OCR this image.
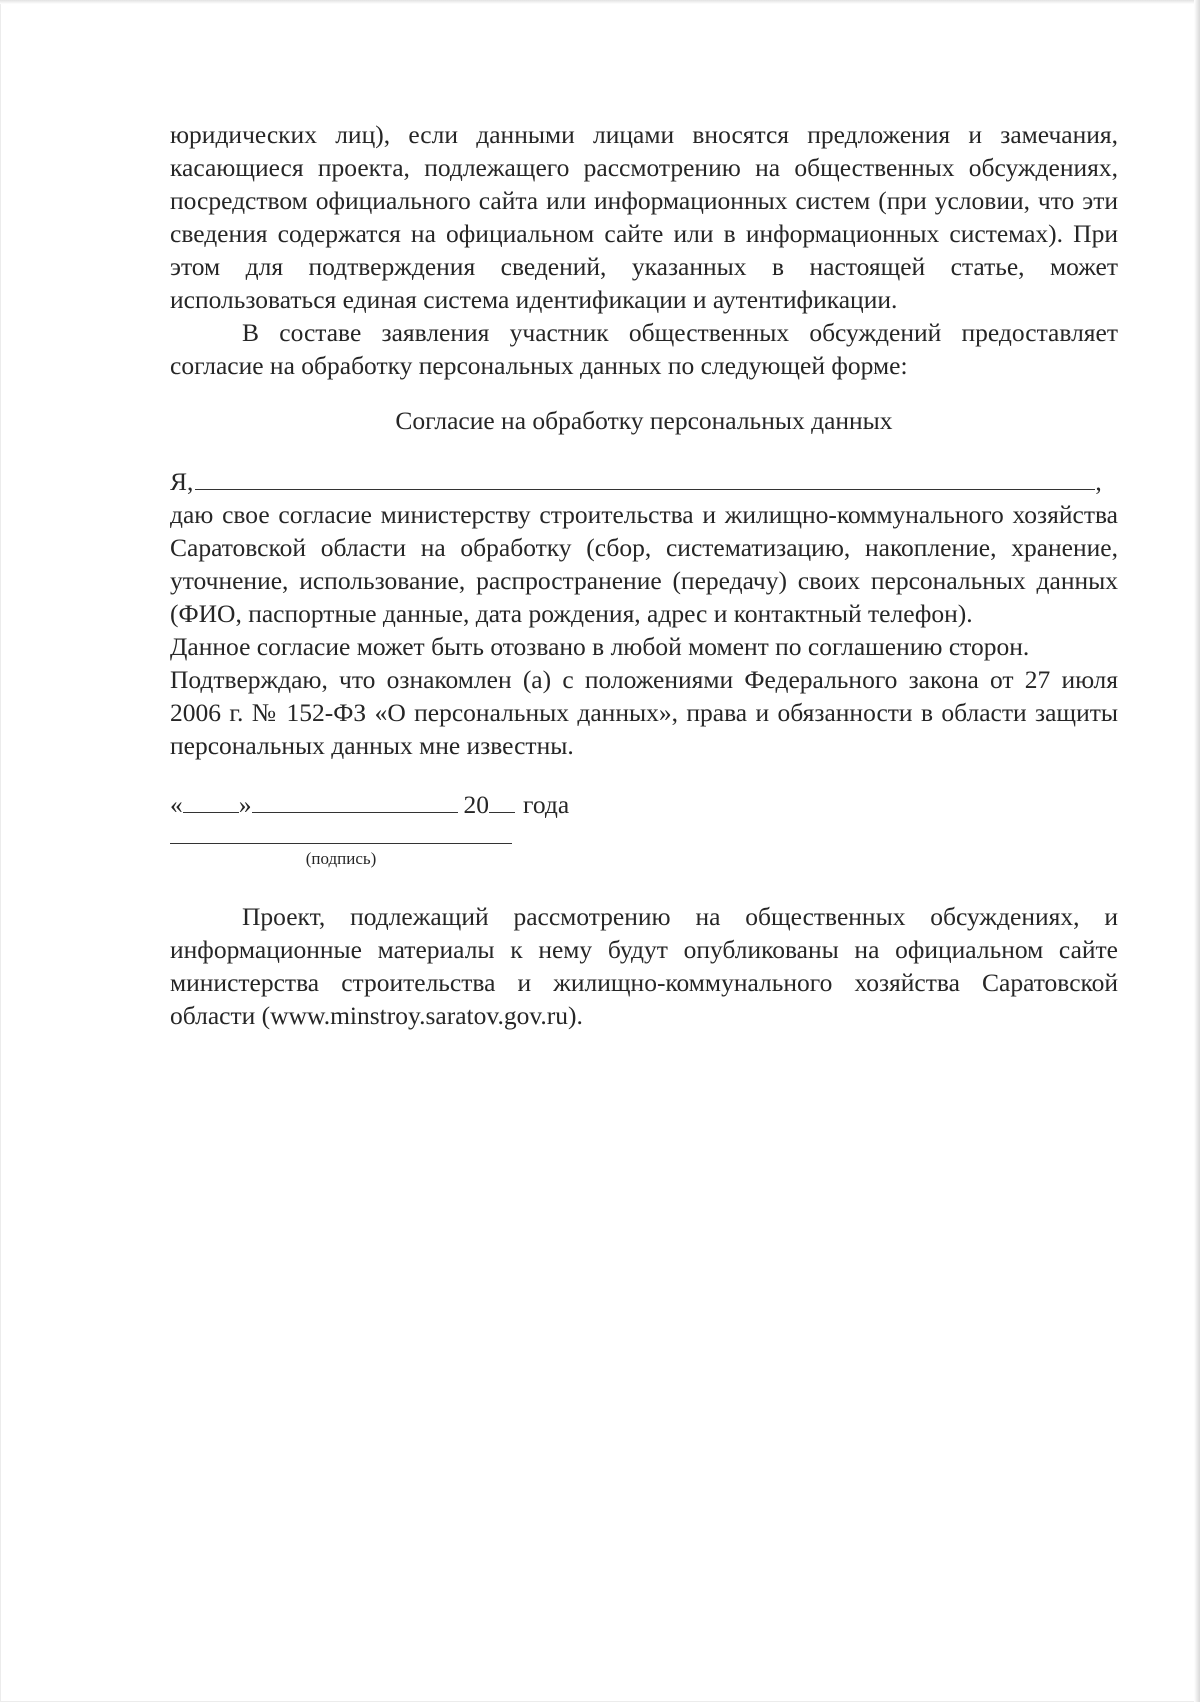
юридических лиц), если данными лицами вносятся предложения и замечания, касающиеся проекта, подлежащего рассмотрению на общественных обсуждениях, посредством официального сайта или информационных систем (при условии, что эти сведения содержатся на официальном сайте или в информационных системах). При этом для подтверждения сведений, указанных в настоящей статье, может использоваться единая система идентификации и аутентификации.

В составе заявления участник общественных обсуждений предоставляет согласие на обработку персональных данных по следующей форме:

Согласие на обработку персональных данных

Я,	,

даю свое согласие министерству строительства и жилищно-коммунального хозяйства Саратовской области на обработку (сбор, систематизацию, накопление, хранение, уточнение, использование, распространение (передачу) своих персональных данных (ФИО, паспортные данные, дата рождения, адрес и контактный телефон).

Данное согласие может быть отозвано в любой момент по соглашению сторон.

Подтверждаю, что ознакомлен (а) с положениями Федерального закона от 27 июля 2006 г. № 152-ФЗ «О персональных данных», права и обязанности в области защиты персональных данных мне известны.

« »	20 года
(подпись)

Проект, подлежащий рассмотрению на общественных обсуждениях, и информационные материалы к нему будут опубликованы на официальном сайте министерства строительства и жилищно-коммунального хозяйства Саратовской области (www.minstroy.saratov.gov.ru).
